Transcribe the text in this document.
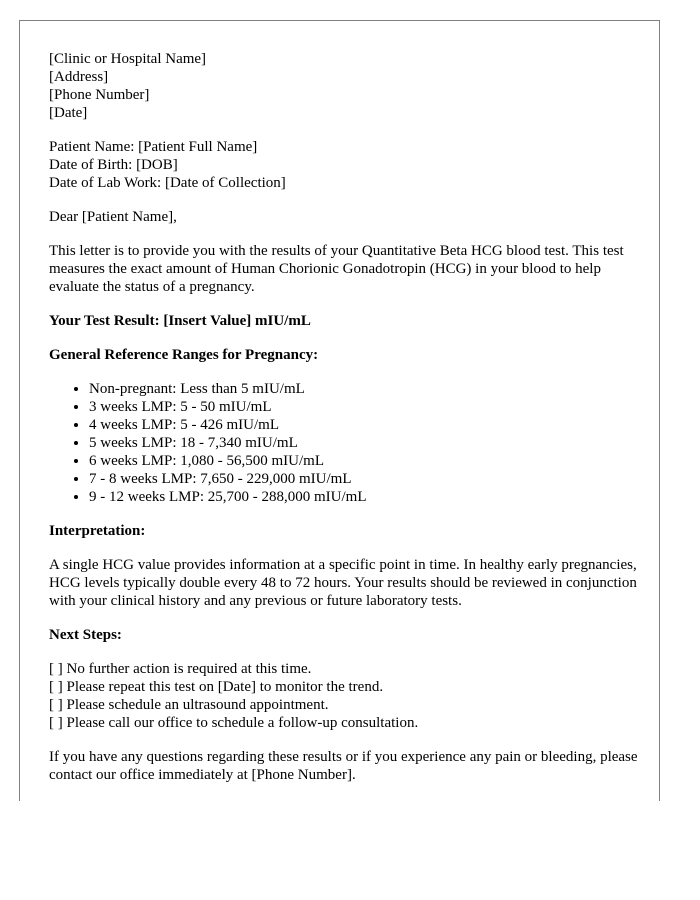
[Clinic or Hospital Name]
[Address]
[Phone Number]
[Date]
Patient Name: [Patient Full Name]
Date of Birth: [DOB]
Date of Lab Work: [Date of Collection]

Dear [Patient Name],

This letter is to provide you with the results of your Quantitative Beta HCG blood test. This test measures the exact amount of Human Chorionic Gonadotropin (HCG) in your blood to help evaluate the status of a pregnancy.

Your Test Result: [Insert Value] mIU/mL

General Reference Ranges for Pregnancy:

• Non-pregnant: Less than 5 mIU/mL
• 3 weeks LMP: 5 - 50 mIU/mL
• 4 weeks LMP: 5 - 426 mIU/mL
• 5 weeks LMP: 18 - 7,340 mIU/mL
• 6 weeks LMP: 1,080 - 56,500 mIU/mL
• 7 - 8 weeks LMP: 7,650 - 229,000 mIU/mL
• 9 - 12 weeks LMP: 25,700 - 288,000 mIU/mL

Interpretation:

A single HCG value provides information at a specific point in time. In healthy early pregnancies, HCG levels typically double every 48 to 72 hours. Your results should be reviewed in conjunction with your clinical history and any previous or future laboratory tests.

Next Steps:

[ ] No further action is required at this time.
[ ] Please repeat this test on [Date] to monitor the trend.
[ ] Please schedule an ultrasound appointment.
[ ] Please call our office to schedule a follow-up consultation.

If you have any questions regarding these results or if you experience any pain or bleeding, please contact our office immediately at [Phone Number].
